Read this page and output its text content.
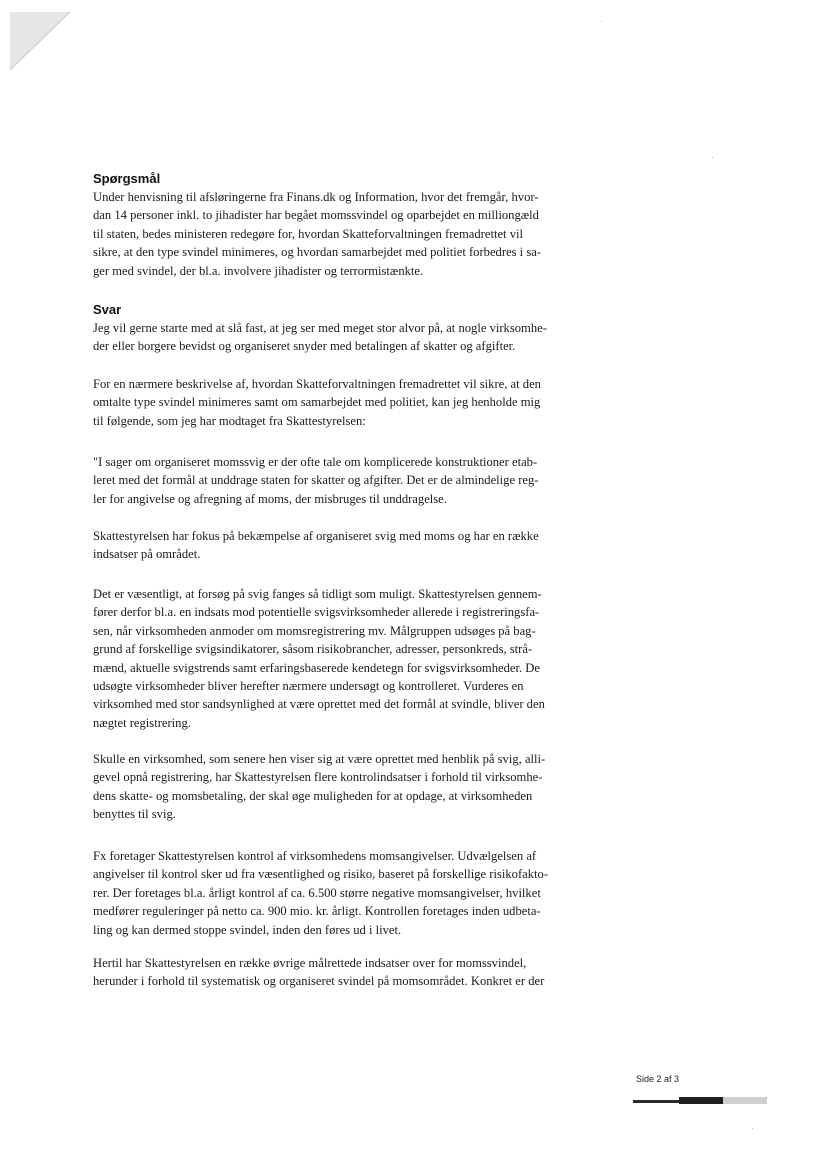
Spørgsmål

Under henvisning til afsløringerne fra Finans.dk og Information, hvor det fremgår, hvor-
dan 14 personer inkl. to jihadister har begået momssvindel og oparbejdet en milliongæld
til staten, bedes ministeren redegøre for, hvordan Skatteforvaltningen fremadrettet vil
sikre, at den type svindel minimeres, og hvordan samarbejdet med politiet forbedres i sa-
ger med svindel, der bl.a. involvere jihadister og terrormistænkte.

Svar

Jeg vil gerne starte med at slå fast, at jeg ser med meget stor alvor på, at nogle virksomhe-
der eller borgere bevidst og organiseret snyder med betalingen af skatter og afgifter.
For en nærmere beskrivelse af, hvordan Skatteforvaltningen fremadrettet vil sikre, at den
omtalte type svindel minimeres samt om samarbejdet med politiet, kan jeg henholde mig
til følgende, som jeg har modtaget fra Skattestyrelsen:
"I sager om organiseret momssvig er der ofte tale om komplicerede konstruktioner etab-
leret med det formål at unddrage staten for skatter og afgifter. Det er de almindelige reg-
ler for angivelse og afregning af moms, der misbruges til unddragelse.
Skattestyrelsen har fokus på bekæmpelse af organiseret svig med moms og har en række
indsatser på området.
Det er væsentligt, at forsøg på svig fanges så tidligt som muligt. Skattestyrelsen gennem-
fører derfor bl.a. en indsats mod potentielle svigsvirksomheder allerede i registreringsfa-
sen, når virksomheden anmoder om momsregistrering mv. Målgruppen udsøges på bag-
grund af forskellige svigsindikatorer, såsom risikobrancher, adresser, personkreds, strå-
mænd, aktuelle svigstrends samt erfaringsbaserede kendetegn for svigsvirksomheder. De
udsøgte virksomheder bliver herefter nærmere undersøgt og kontrolleret. Vurderes en
virksomhed med stor sandsynlighed at være oprettet med det formål at svindle, bliver den
nægtet registrering.
Skulle en virksomhed, som senere hen viser sig at være oprettet med henblik på svig, alli-
gevel opnå registrering, har Skattestyrelsen flere kontrolindsatser i forhold til virksomhe-
dens skatte- og momsbetaling, der skal øge muligheden for at opdage, at virksomheden
benyttes til svig.
Fx foretager Skattestyrelsen kontrol af virksomhedens momsangivelser. Udvælgelsen af
angivelser til kontrol sker ud fra væsentlighed og risiko, baseret på forskellige risikofakto-
rer. Der foretages bl.a. årligt kontrol af ca. 6.500 større negative momsangivelser, hvilket
medfører reguleringer på netto ca. 900 mio. kr. årligt. Kontrollen foretages inden udbeta-
ling og kan dermed stoppe svindel, inden den føres ud i livet.
Hertil har Skattestyrelsen en række øvrige målrettede indsatser over for momssvindel,
herunder i forhold til systematisk og organiseret svindel på momsområdet. Konkret er der
Side 2 af 3
